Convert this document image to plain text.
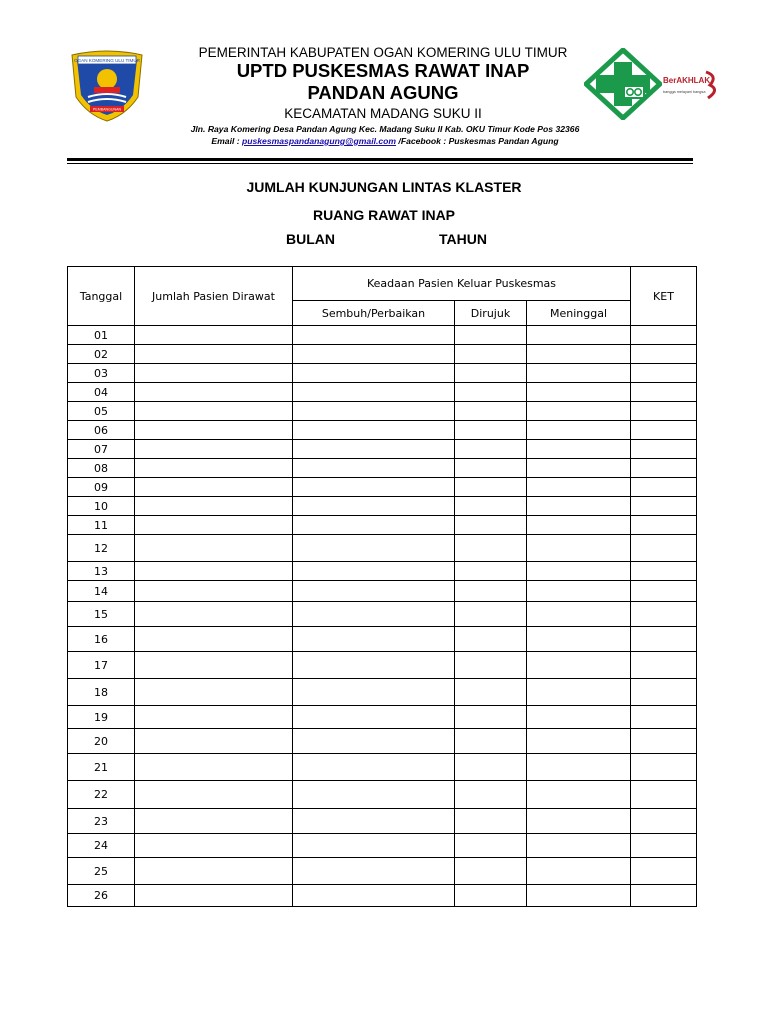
OGAN KOMERING ULU TIMUR
PEMBANGUNAN
PEMERINTAH KABUPATEN OGAN KOMERING ULU TIMUR
UPTD PUSKESMAS RAWAT INAP
PANDAN AGUNG
KECAMATAN MADANG SUKU II
Jln. Raya Komering Desa Pandan Agung Kec. Madang Suku II Kab. OKU Timur Kode Pos 32366
Email : puskesmaspandanagung@gmail.com /Facebook : Puskesmas Pandan Agung
BerAKHLAK
bangga melayani bangsa
JUMLAH KUNJUNGAN LINTAS KLASTER
RUANG RAWAT INAP
BULAN	TAHUN
Tanggal	Jumlah Pasien Dirawat	Keadaan Pasien Keluar Puskesmas			KET
		Sembuh/Perbaikan	Dirujuk	Meninggal	
01					
02					
03					
04					
05					
06					
07					
08					
09					
10					
11					
12					
13					
14					
15					
16					
17					
18					
19					
20					
21					
22					
23					
24					
25					
26					
